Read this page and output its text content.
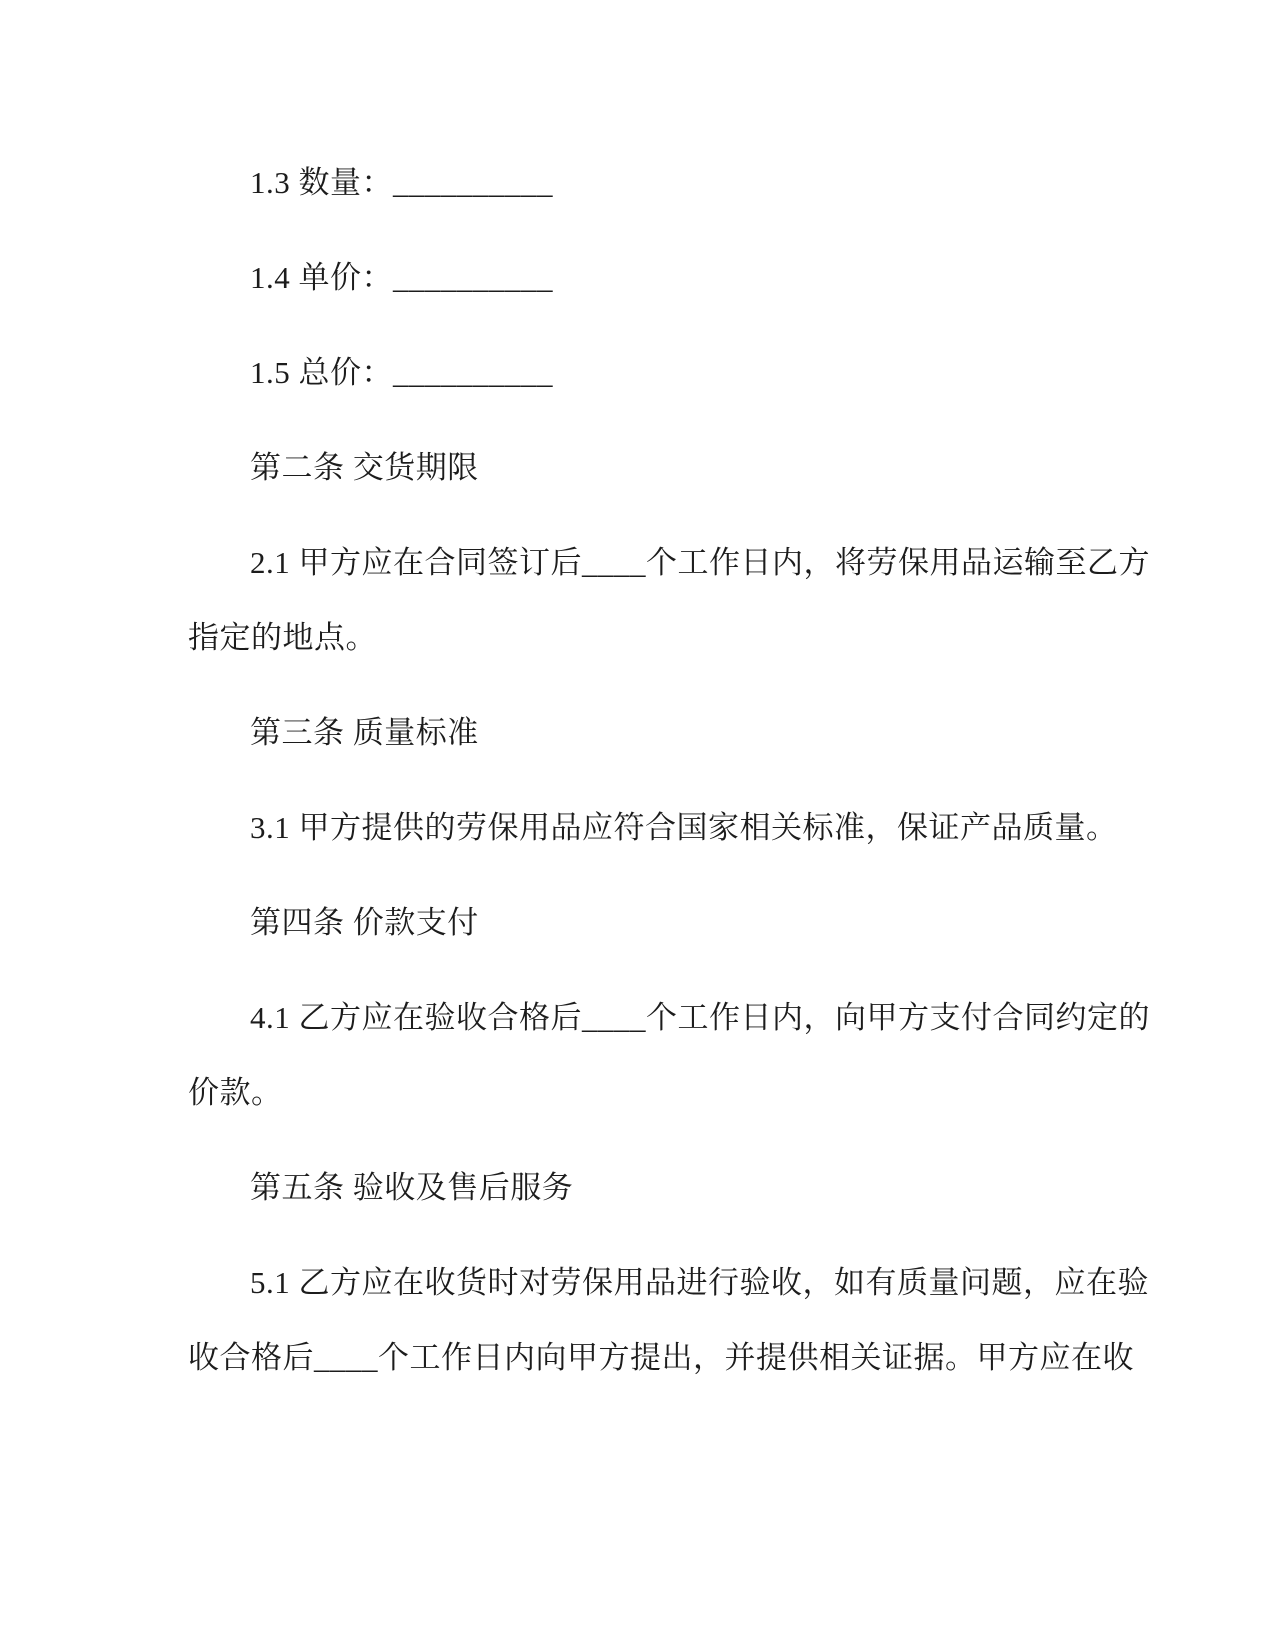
1.3 数量：__________
1.4 单价：__________
1.5 总价：__________
第二条 交货期限
2.1 甲方应在合同签订后____个工作日内，将劳保用品运输至乙方
指定的地点。
第三条 质量标准
3.1 甲方提供的劳保用品应符合国家相关标准，保证产品质量。
第四条 价款支付
4.1 乙方应在验收合格后____个工作日内，向甲方支付合同约定的
价款。
第五条 验收及售后服务
5.1 乙方应在收货时对劳保用品进行验收，如有质量问题，应在验
收合格后____个工作日内向甲方提出，并提供相关证据。甲方应在收
